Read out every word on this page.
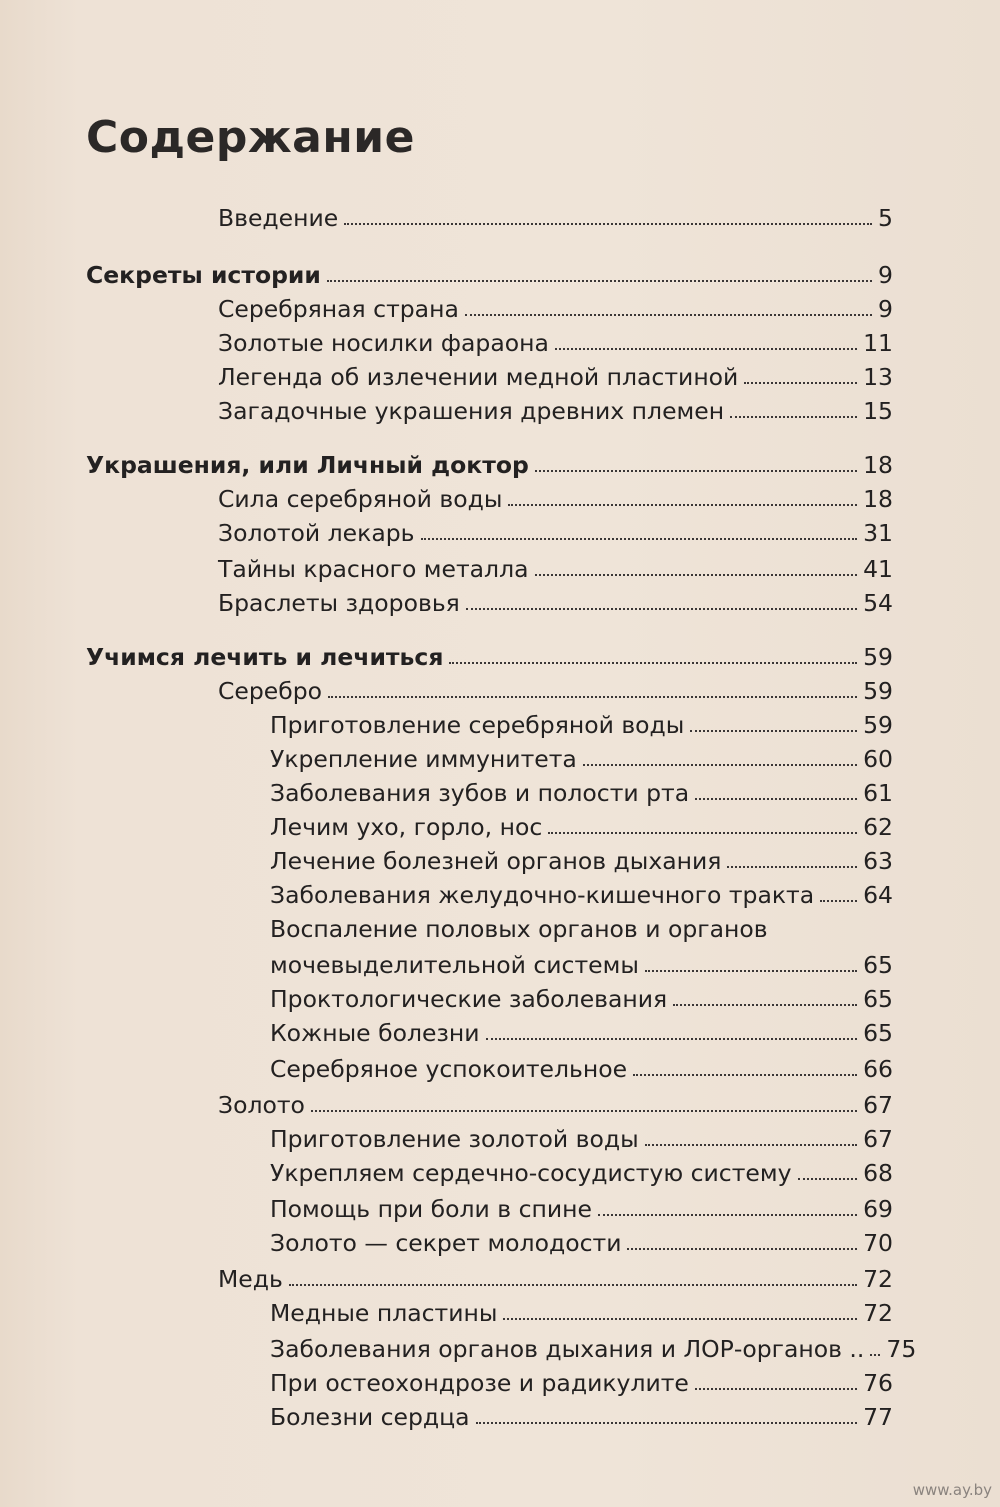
Содержание
Введение	5
Секреты истории	9
Серебряная страна	9
Золотые носилки фараона	11
Легенда об излечении медной пластиной	13
Загадочные украшения древних племен	15
Украшения, или Личный доктор	18
Сила серебряной воды	18
Золотой лекарь	31
Тайны красного металла	41
Браслеты здоровья	54
Учимся лечить и лечиться	59
Серебро	59
Приготовление серебряной воды	59
Укрепление иммунитета	60
Заболевания зубов и полости рта	61
Лечим ухо, горло, нос	62
Лечение болезней органов дыхания	63
Заболевания желудочно-кишечного тракта 64
Воспаление половых органов и органов
мочевыделительной системы	65
Проктологические заболевания	65
Кожные болезни	65
Серебряное успокоительное	66
Золото	67
Приготовление золотой воды	67
Укрепляем сердечно-сосудистую систему	68
Помощь при боли в спине	69
Золото — секрет молодости	70
Медь	72
Медные пластины	72
Заболевания органов дыхания и ЛОР-органов .. 75
При остеохондрозе и радикулите	76
Болезни сердца	77
www.ay.by
